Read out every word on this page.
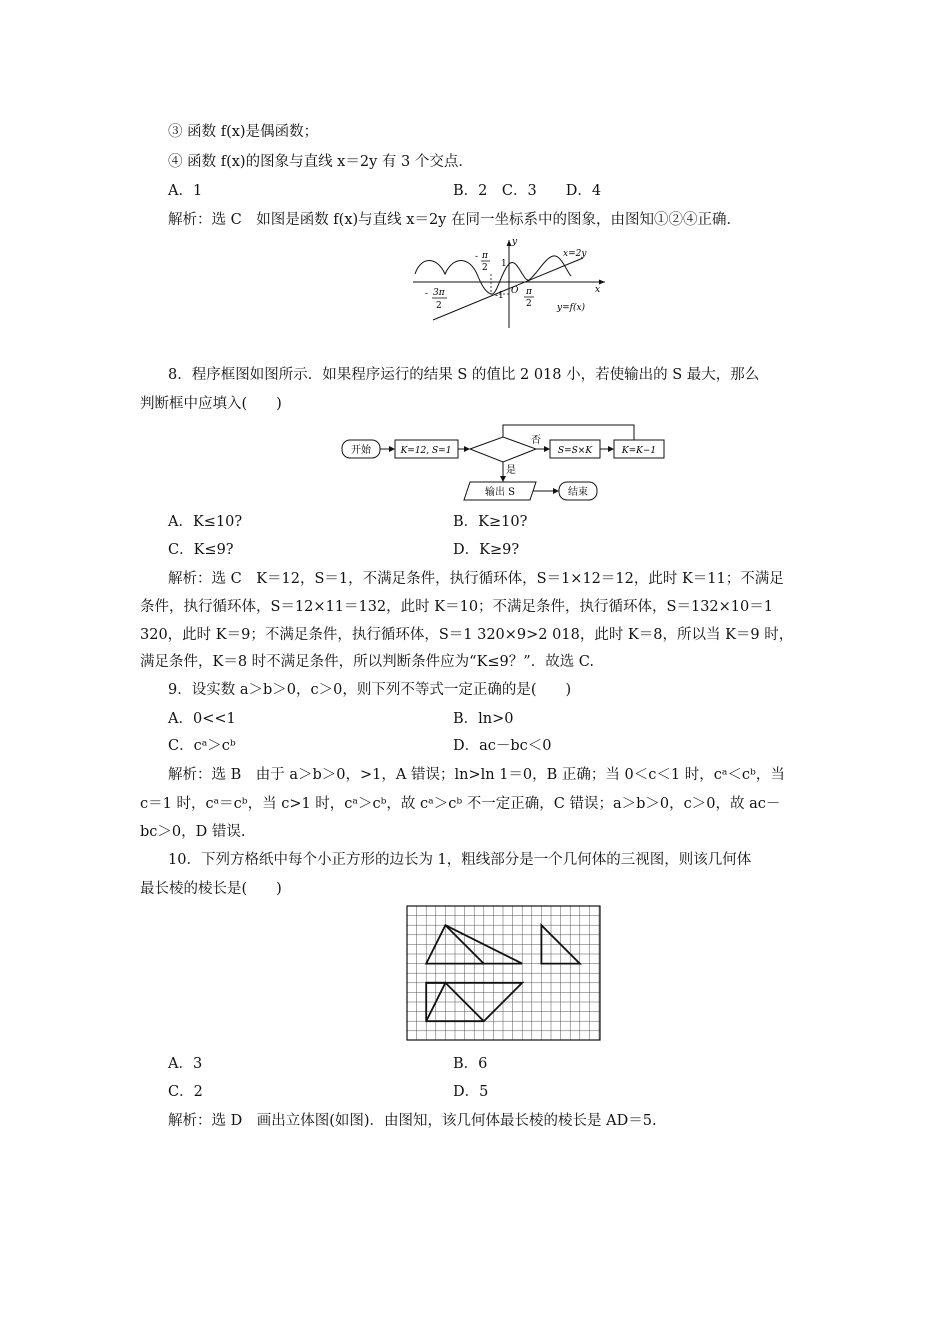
③ 函数 f(x)是偶函数；
④ 函数 f(x)的图象与直线 x＝2y 有 3 个交点．
A．1	B．2　C．3　　D．4
解析：选 C　如图是函数 f(x)与直线 x＝2y 在同一坐标系中的图象，由图知①②④正确．
y
x
x=2y
y=f(x)
O
1
-1
- π
2
- 3π
2
π
2
8．程序框图如图所示．如果程序运行的结果 S 的值比 2 018 小，若使输出的 S 最大，那么
判断框中应填入(　　)
开始	K=12, S=1
否
S=S×K	K=K−1
是
输出 S	结束
A．K≤10?	B．K≥10?
C．K≤9?	D．K≥9?
解析：选 C　K＝12，S＝1，不满足条件，执行循环体，S＝1×12＝12，此时 K＝11；不满足
条件，执行循环体，S＝12×11＝132，此时 K＝10；不满足条件，执行循环体，S＝132×10＝1
320，此时 K＝9；不满足条件，执行循环体，S＝1 320×9>2 018，此时 K＝8，所以当 K＝9 时，
满足条件，K＝8 时不满足条件，所以判断条件应为“K≤9？”．故选 C.
9．设实数 a＞b＞0，c＞0，则下列不等式一定正确的是(　　)
A．0<<1	B．ln>0
C．cᵃ＞cᵇ	D．ac－bc＜0
解析：选 B　由于 a＞b＞0，>1，A 错误；ln>ln 1＝0，B 正确；当 0＜c＜1 时，cᵃ＜cᵇ，当
c＝1 时，cᵃ＝cᵇ，当 c>1 时，cᵃ＞cᵇ，故 cᵃ＞cᵇ 不一定正确，C 错误；a＞b＞0，c＞0，故 ac－
bc＞0，D 错误.
10．下列方格纸中每个小正方形的边长为 1，粗线部分是一个几何体的三视图，则该几何体
最长棱的棱长是(　　)
A．3	B．6
C．2	D．5
解析：选 D　画出立体图(如图)．由图知，该几何体最长棱的棱长是 AD＝5.
